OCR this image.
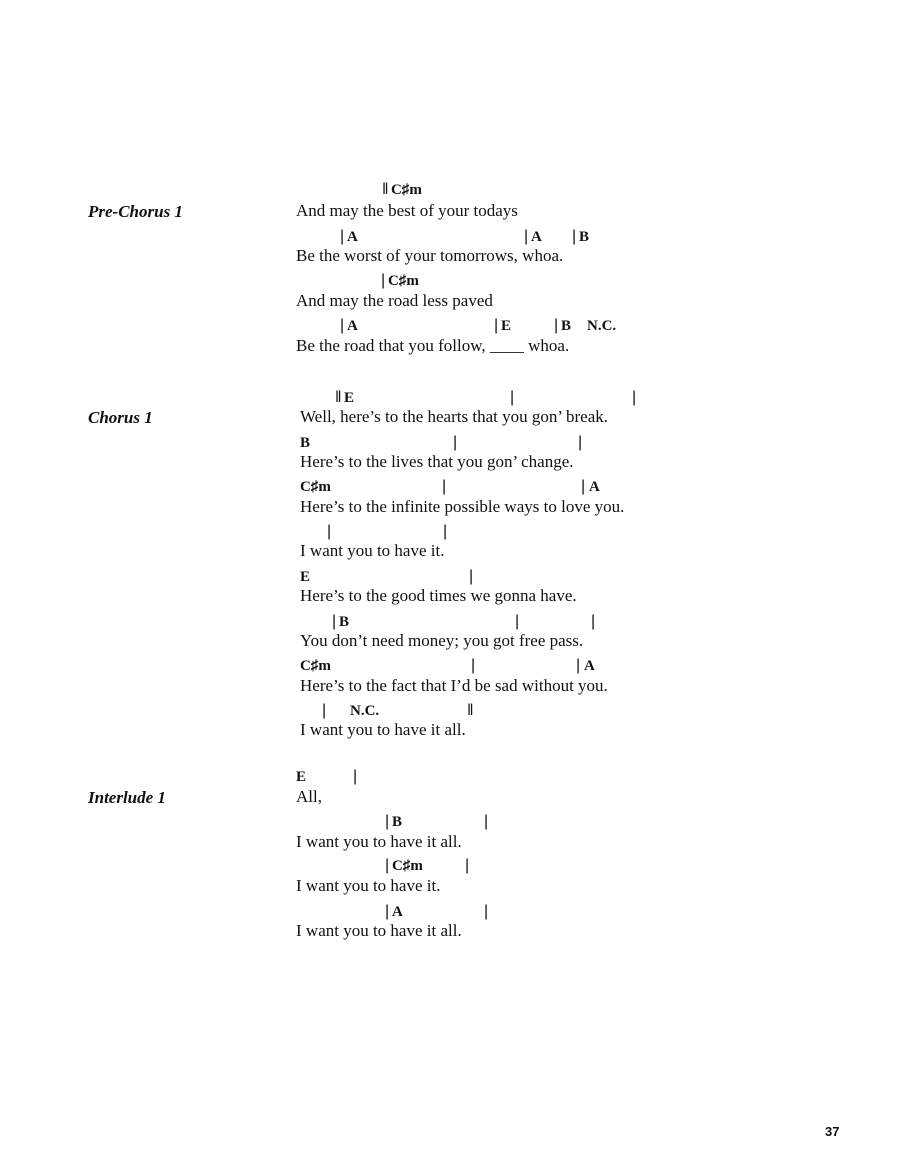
Pre-Chorus 1
‖ C♯m
And may the best of your todays
| A	| A | B
Be the worst of your tomorrows, whoa.
| C♯m
And may the road less paved
| A	| E	| B N.C.
Be the road that you follow, ____ whoa.
Chorus 1
‖ E	|	|
Well, here’s to the hearts that you gon’ break.
B	|	|
Here’s to the lives that you gon’ change.
C♯m	|	| A
Here’s to the infinite possible ways to love you.
|	|
I want you to have it.
E	|
Here’s to the good times we gonna have.
| B	|	|
You don’t need money; you got free pass.
C♯m	|	| A
Here’s to the fact that I’d be sad without you.
| N.C.	‖
I want you to have it all.
Interlude 1
E	|
All,
| B	|
I want you to have it all.
| C♯m	|
I want you to have it.
| A	|
I want you to have it all.
37
